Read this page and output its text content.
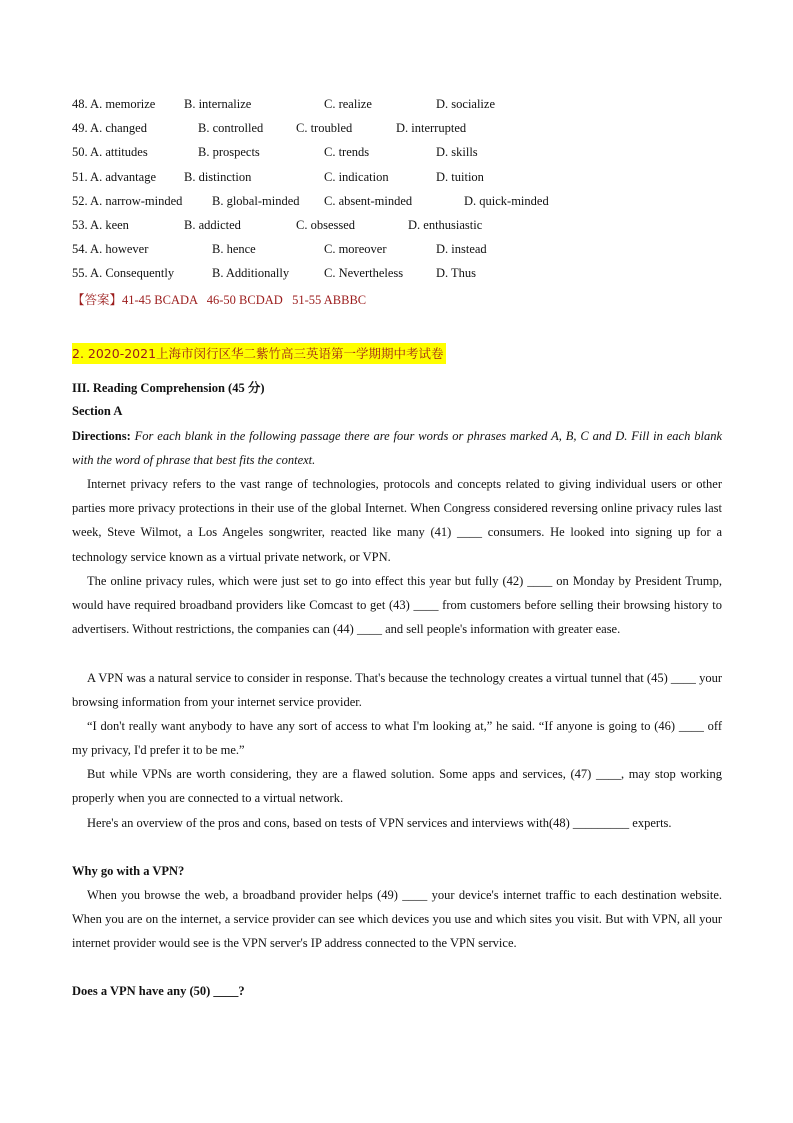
48. A. memorize B. internalize	C. realize	D. socialize
49. A. changed	B. controlled	C. troubled	D. interrupted
50. A. attitudes	B. prospects	C. trends	D. skills
51. A. advantage B. distinction	C. indication	D. tuition
52. A. narrow-minded B. global-minded C. absent-minded	D. quick-minded
53. A. keen	B. addicted	C. obsessed	D. enthusiastic
54. A. however	B. hence	C. moreover	D. instead
55. A. Consequently	B. Additionally	C. Nevertheless	D. Thus
【答案】41-45 BCADA   46-50 BCDAD   51-55 ABBBC
2. 2020-2021上海市闵行区华二紫竹高三英语第一学期期中考试卷
III. Reading Comprehension (45 分)
Section A
Directions: For each blank in the following passage there are four words or phrases marked A, B, C and D. Fill in each blank with the word of phrase that best fits the context.
Internet privacy refers to the vast range of technologies, protocols and concepts related to giving individual users or other parties more privacy protections in their use of the global Internet. When Congress considered reversing online privacy rules last week, Steve Wilmot, a Los Angeles songwriter, reacted like many (41) ____ consumers. He looked into signing up for a technology service known as a virtual private network, or VPN.
The online privacy rules, which were just set to go into effect this year but fully (42) ____ on Monday by President Trump, would have required broadband providers like Comcast to get (43) ____ from customers before selling their browsing history to advertisers. Without restrictions, the companies can (44) ____ and sell people's information with greater ease.
A VPN was a natural service to consider in response. That's because the technology creates a virtual tunnel that (45) ____ your browsing information from your internet service provider.
“I don't really want anybody to have any sort of access to what I'm looking at,” he said. “If anyone is going to (46) ____ off my privacy, I'd prefer it to be me.”
But while VPNs are worth considering, they are a flawed solution. Some apps and services, (47) ____, may stop working properly when you are connected to a virtual network.
Here's an overview of the pros and cons, based on tests of VPN services and interviews with(48) _________ experts.
Why go with a VPN?
When you browse the web, a broadband provider helps (49) ____ your device's internet traffic to each destination website. When you are on the internet, a service provider can see which devices you use and which sites you visit. But with VPN, all your internet provider would see is the VPN server's IP address connected to the VPN service.
Does a VPN have any (50) ____?
